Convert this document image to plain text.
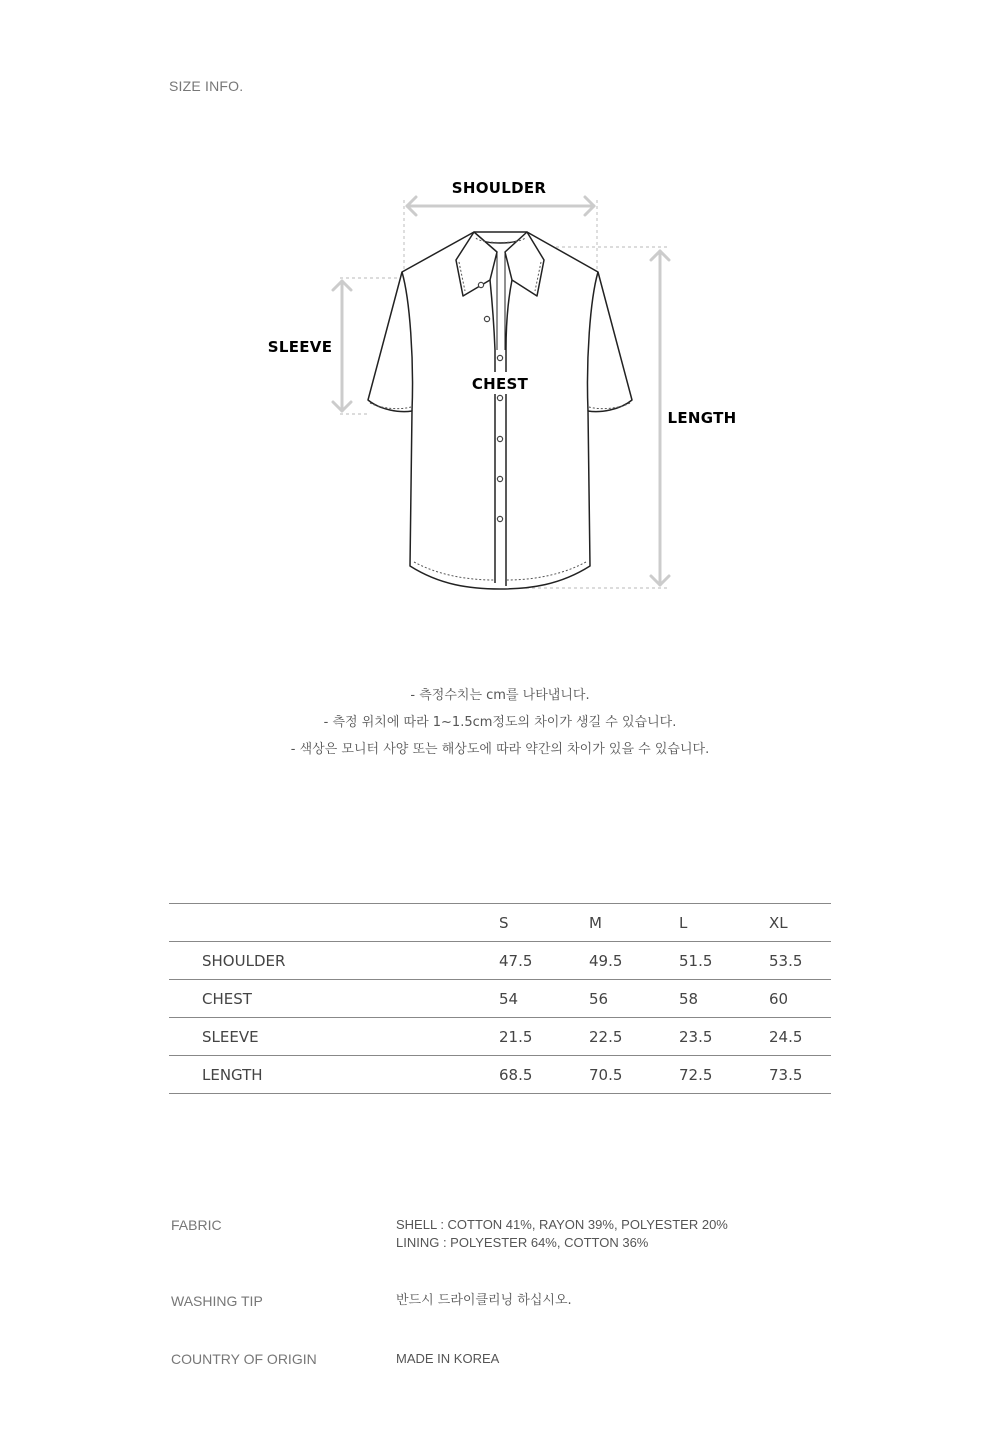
SIZE INFO.
SHOULDER
SLEEVE
CHEST
LENGTH
- 측정수치는 cm를 나타냅니다.
- 측정 위치에 따라 1~1.5cm정도의 차이가 생길 수 있습니다.
- 색상은 모니터 사양 또는 해상도에 따라 약간의 차이가 있을 수 있습니다.
	S	M	L	XL
SHOULDER	47.5	49.5	51.5	53.5
CHEST	54	56	58	60
SLEEVE	21.5	22.5	23.5	24.5
LENGTH	68.5	70.5	72.5	73.5
FABRIC	SHELL : COTTON 41%, RAYON 39%, POLYESTER 20%
LINING : POLYESTER 64%, COTTON 36%
WASHING TIP	반드시 드라이클리닝 하십시오.
COUNTRY OF ORIGIN	MADE IN KOREA
